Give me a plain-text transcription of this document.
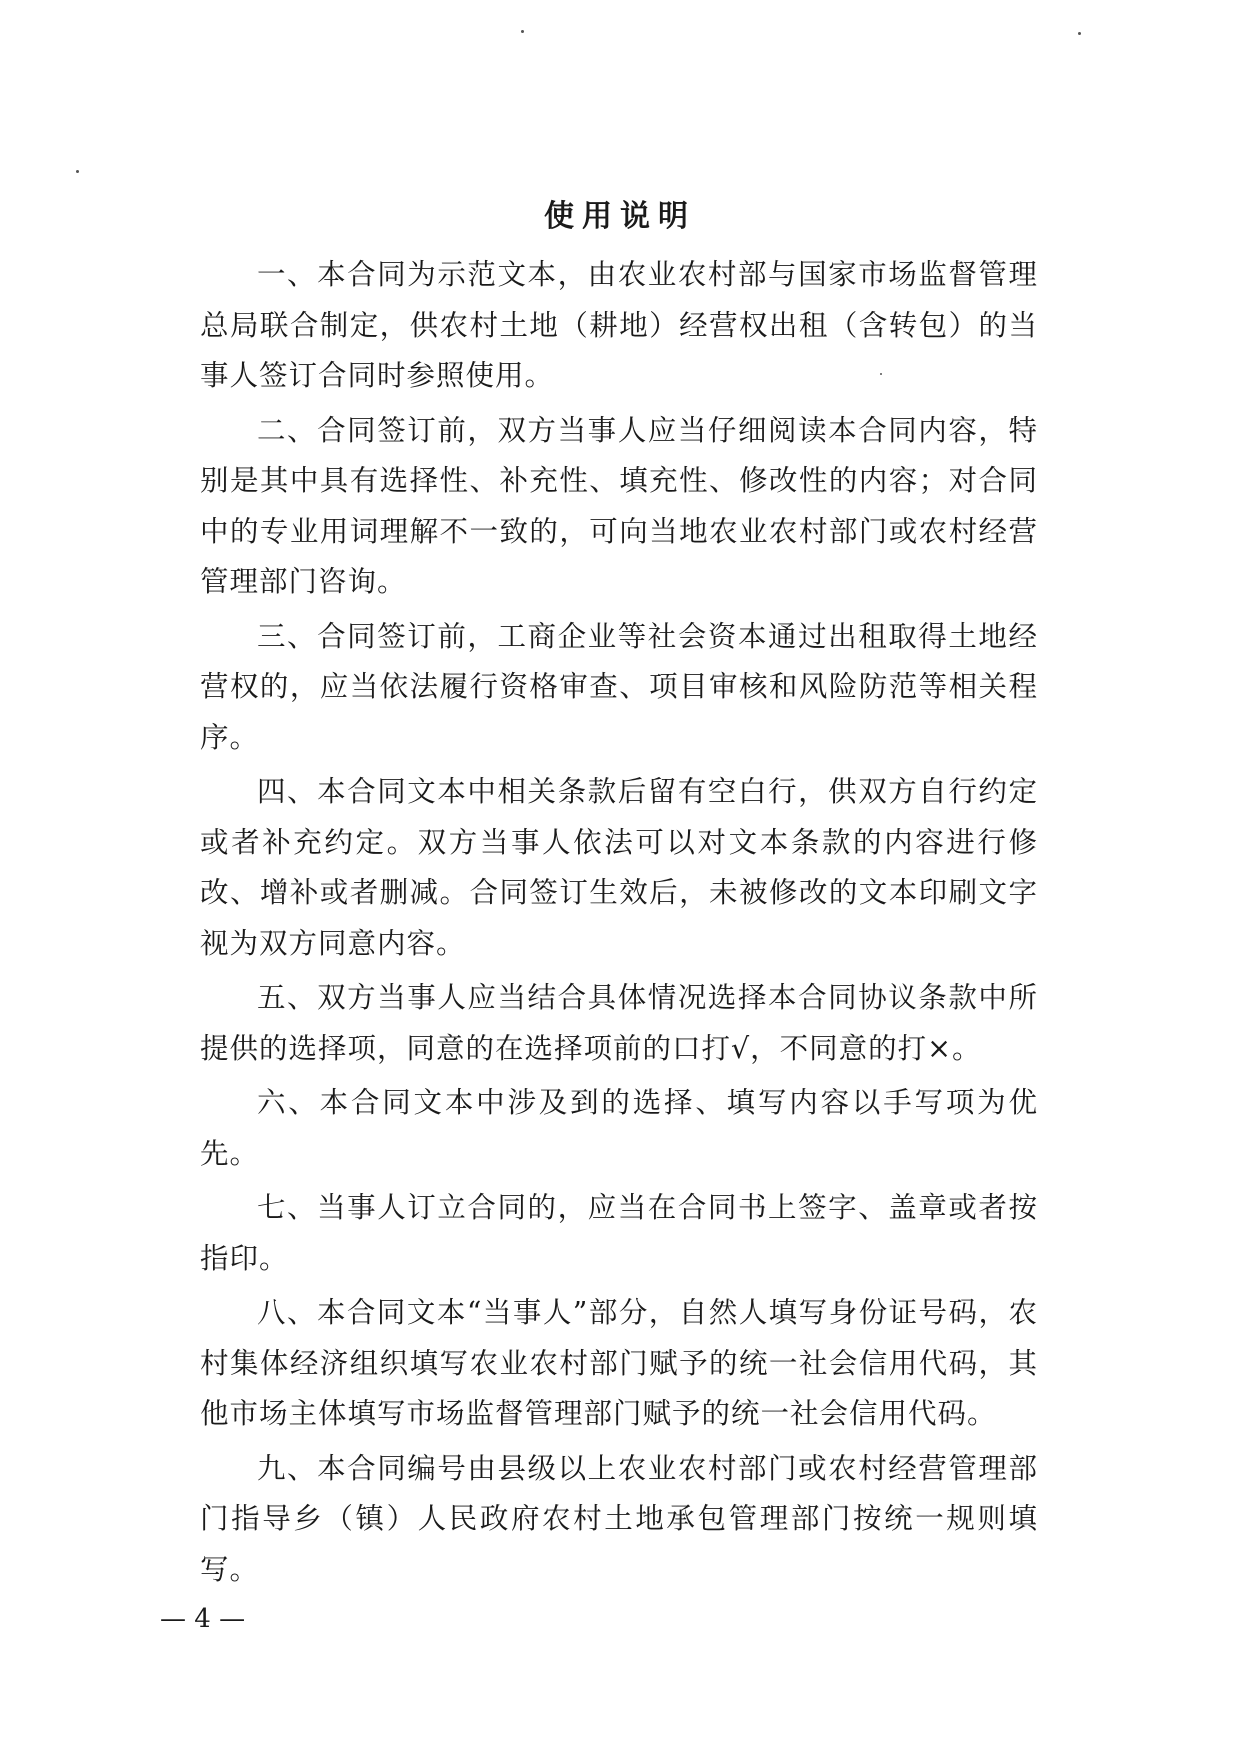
使用说明

一、本合同为示范文本，由农业农村部与国家市场监督管理总局联合制定，供农村土地（耕地）经营权出租（含转包）的当事人签订合同时参照使用。

二、合同签订前，双方当事人应当仔细阅读本合同内容，特别是其中具有选择性、补充性、填充性、修改性的内容；对合同中的专业用词理解不一致的，可向当地农业农村部门或农村经营管理部门咨询。

三、合同签订前，工商企业等社会资本通过出租取得土地经营权的，应当依法履行资格审查、项目审核和风险防范等相关程序。

四、本合同文本中相关条款后留有空白行，供双方自行约定或者补充约定。双方当事人依法可以对文本条款的内容进行修改、增补或者删减。合同签订生效后，未被修改的文本印刷文字视为双方同意内容。

五、双方当事人应当结合具体情况选择本合同协议条款中所提供的选择项，同意的在选择项前的口打√，不同意的打×。

六、本合同文本中涉及到的选择、填写内容以手写项为优先。

七、当事人订立合同的，应当在合同书上签字、盖章或者按指印。

八、本合同文本“当事人”部分，自然人填写身份证号码，农村集体经济组织填写农业农村部门赋予的统一社会信用代码，其他市场主体填写市场监督管理部门赋予的统一社会信用代码。

九、本合同编号由县级以上农业农村部门或农村经营管理部门指导乡（镇）人民政府农村土地承包管理部门按统一规则填写。

— 4 —
